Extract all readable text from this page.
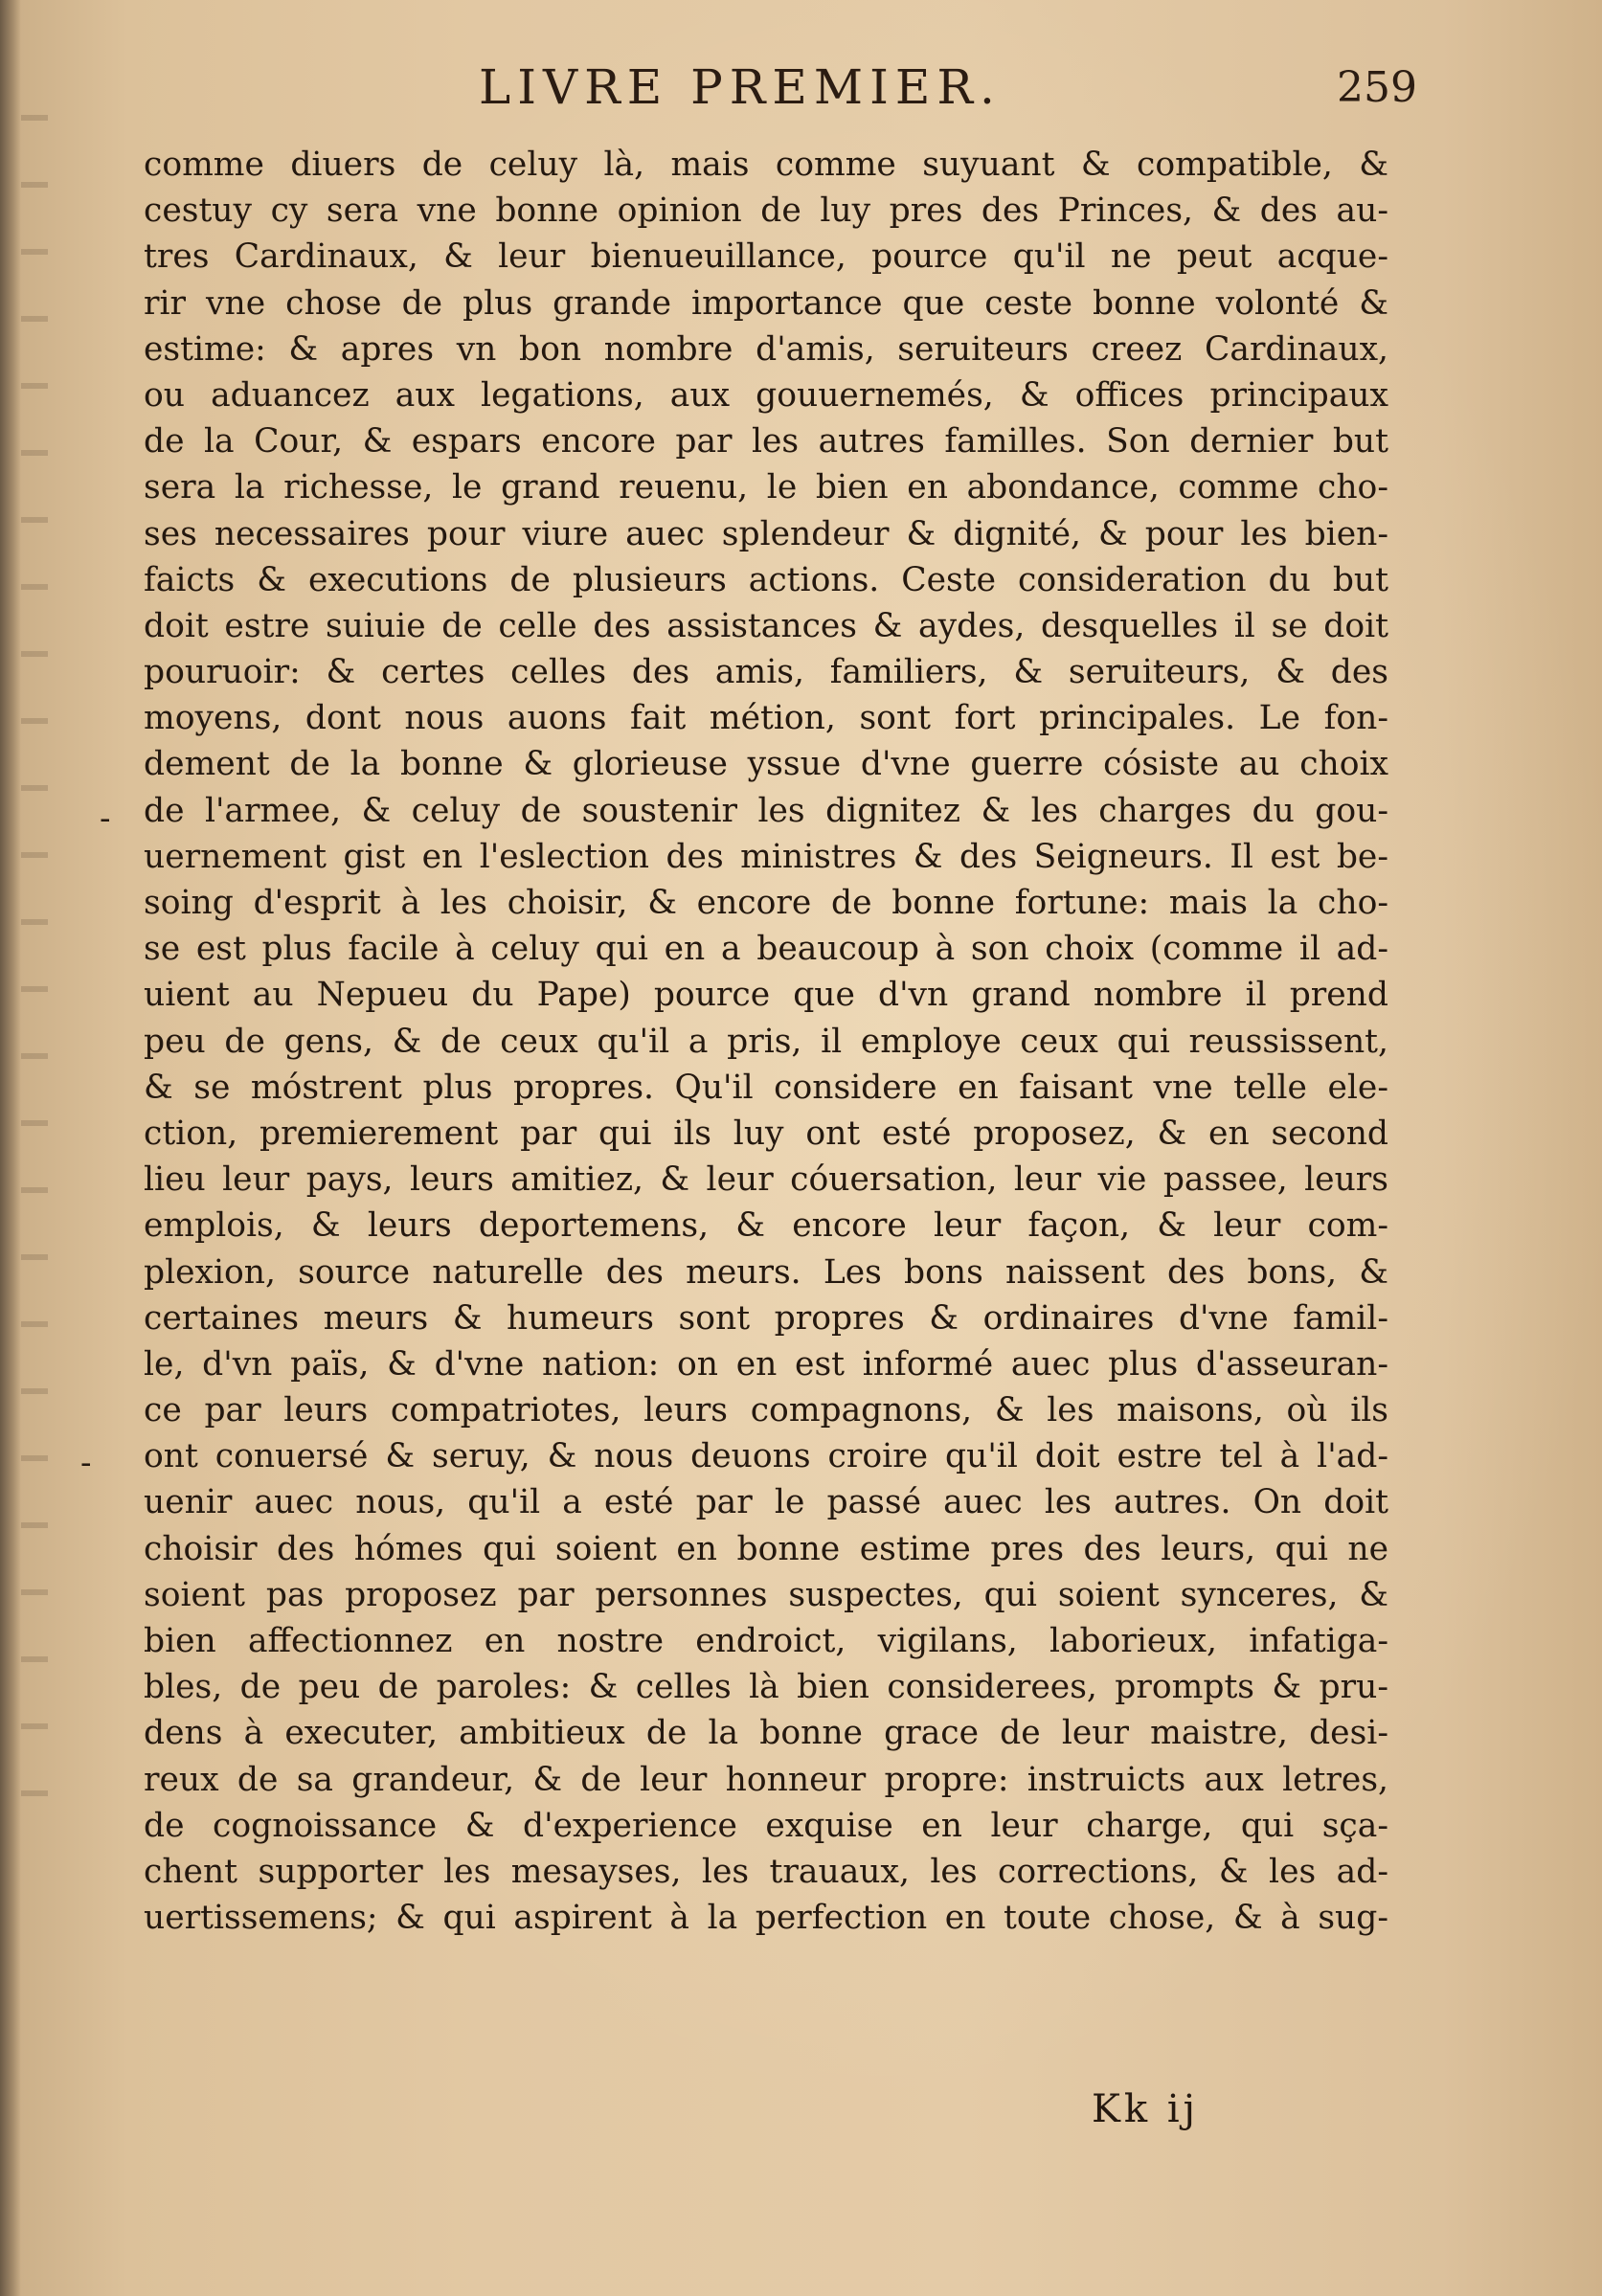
LIVRE PREMIER.	259
comme diuers de celuy là, mais comme suyuant & compatible, &
cestuy cy sera vne bonne opinion de luy pres des Princes, & des au-
tres Cardinaux, & leur bienueuillance, pource qu'il ne peut acque-
rir vne chose de plus grande importance que ceste bonne volonté &
estime: & apres vn bon nombre d'amis, seruiteurs creez Cardinaux,
ou aduancez aux legations, aux gouuernemés, & offices principaux
de la Cour, & espars encore par les autres familles. Son dernier but
sera la richesse, le grand reuenu, le bien en abondance, comme cho-
ses necessaires pour viure auec splendeur & dignité, & pour les bien-
faicts & executions de plusieurs actions. Ceste consideration du but
doit estre suiuie de celle des assistances & aydes, desquelles il se doit
pouruoir: & certes celles des amis, familiers, & seruiteurs, & des
moyens, dont nous auons fait métion, sont fort principales. Le fon-
dement de la bonne & glorieuse yssue d'vne guerre cósiste au choix
de l'armee, & celuy de soustenir les dignitez & les charges du gou-
uernement gist en l'eslection des ministres & des Seigneurs. Il est be-
soing d'esprit à les choisir, & encore de bonne fortune: mais la cho-
se est plus facile à celuy qui en a beaucoup à son choix (comme il ad-
uient au Nepueu du Pape) pource que d'vn grand nombre il prend
peu de gens, & de ceux qu'il a pris, il employe ceux qui reussissent,
& se móstrent plus propres. Qu'il considere en faisant vne telle ele-
ction, premierement par qui ils luy ont esté proposez, & en second
lieu leur pays, leurs amitiez, & leur cóuersation, leur vie passee, leurs
emplois, & leurs deportemens, & encore leur façon, & leur com-
plexion, source naturelle des meurs. Les bons naissent des bons, &
certaines meurs & humeurs sont propres & ordinaires d'vne famil-
le, d'vn païs, & d'vne nation: on en est informé auec plus d'asseuran-
ce par leurs compatriotes, leurs compagnons, & les maisons, où ils
ont conuersé & seruy, & nous deuons croire qu'il doit estre tel à l'ad-
uenir auec nous, qu'il a esté par le passé auec les autres. On doit
choisir des hómes qui soient en bonne estime pres des leurs, qui ne
soient pas proposez par personnes suspectes, qui soient synceres, &
bien affectionnez en nostre endroict, vigilans, laborieux, infatiga-
bles, de peu de paroles: & celles là bien considerees, prompts & pru-
dens à executer, ambitieux de la bonne grace de leur maistre, desi-
reux de sa grandeur, & de leur honneur propre: instruicts aux letres,
de cognoissance & d'experience exquise en leur charge, qui sça-
chent supporter les mesayses, les trauaux, les corrections, & les ad-
uertissemens; & qui aspirent à la perfection en toute chose, & à sug-
-
-
Kk ij
